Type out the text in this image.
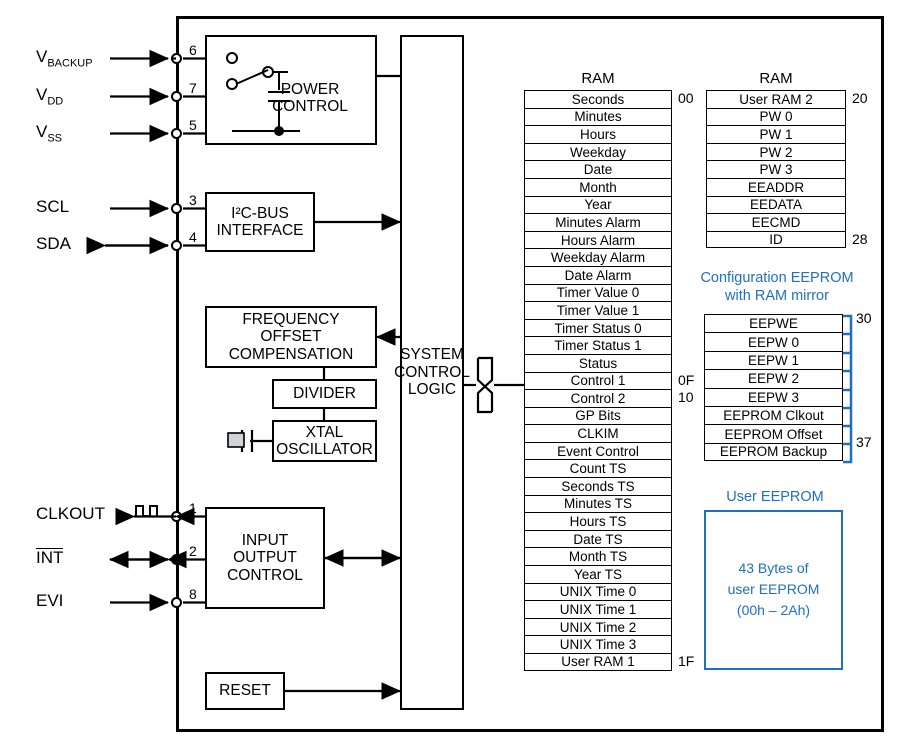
$V_{BACKUP}$
$V_{DD}$
$V_{SS}$
SCL
SDA
CLKOUT
INT
EVI
6
7
5
3
4
1
2
8
POWER
CONTROL
I²C-BUS
INTERFACE
FREQUENCY
OFFSET
COMPENSATION
DIVIDER
XTAL
OSCILLATOR
INPUT
OUTPUT
CONTROL
RESET
SYSTEM
CONTROL
LOGIC
RAM
Seconds
Minutes
Hours
Weekday
Date
Month
Year
Minutes Alarm
Hours Alarm
Weekday Alarm
Date Alarm
Timer Value 0
Timer Value 1
Timer Status 0
Timer Status 1
Status
Control 1
Control 2
GP Bits
CLKIM
Event Control
Count TS
Seconds TS
Minutes TS
Hours TS
Date TS
Month TS
Year TS
UNIX Time 0
UNIX Time 1
UNIX Time 2
UNIX Time 3
User RAM 1
00
0F
10
1F
RAM
User RAM 2
PW 0
PW 1
PW 2
PW 3
EEADDR
EEDATA
EECMD
ID
20
28
Configuration EEPROM
with RAM mirror
EEPWE
EEPW 0
EEPW 1
EEPW 2
EEPW 3
EEPROM Clkout
EEPROM Offset
EEPROM Backup
30
37
User EEPROM
43 Bytes of
user EEPROM
(00h – 2Ah)
